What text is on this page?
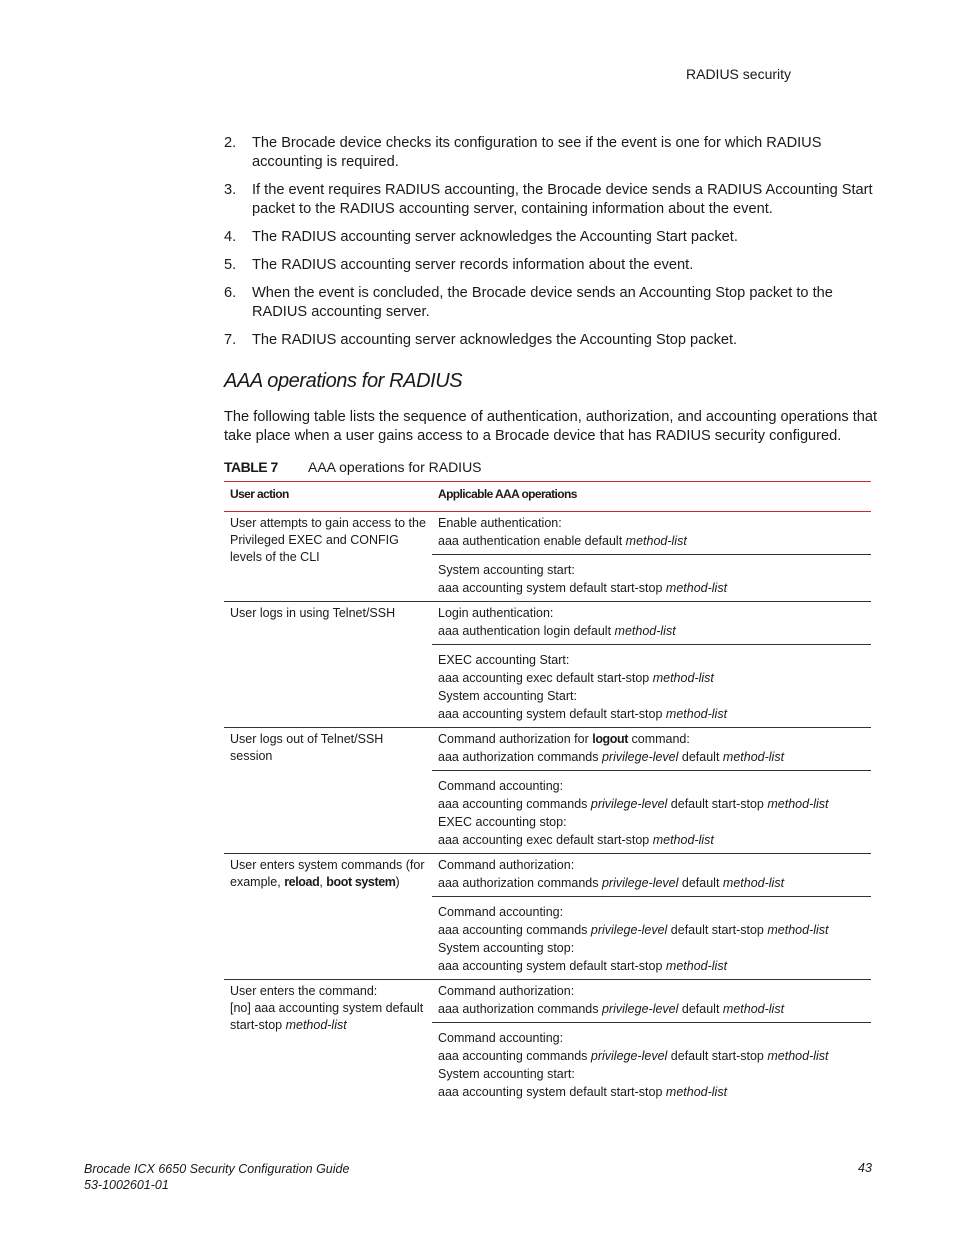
RADIUS security
2. The Brocade device checks its configuration to see if the event is one for which RADIUS accounting is required.
3. If the event requires RADIUS accounting, the Brocade device sends a RADIUS Accounting Start packet to the RADIUS accounting server, containing information about the event.
4. The RADIUS accounting server acknowledges the Accounting Start packet.
5. The RADIUS accounting server records information about the event.
6. When the event is concluded, the Brocade device sends an Accounting Stop packet to the RADIUS accounting server.
7. The RADIUS accounting server acknowledges the Accounting Stop packet.
AAA operations for RADIUS
The following table lists the sequence of authentication, authorization, and accounting operations that take place when a user gains access to a Brocade device that has RADIUS security configured.
TABLE 7 AAA operations for RADIUS
User action	Applicable AAA operations
User attempts to gain access to the Privileged EXEC and CONFIG levels of the CLI
Enable authentication:
aaa authentication enable default method-list
System accounting start:
aaa accounting system default start-stop method-list
User logs in using Telnet/SSH	Login authentication:
aaa authentication login default method-list
EXEC accounting Start:
aaa accounting exec default start-stop method-list
System accounting Start:
aaa accounting system default start-stop method-list
User logs out of Telnet/SSH session
Command authorization for logout command:
aaa authorization commands privilege-level default method-list
Command accounting:
aaa accounting commands privilege-level default start-stop method-list
EXEC accounting stop:
aaa accounting exec default start-stop method-list
User enters system commands (for example, reload, boot system)
Command authorization:
aaa authorization commands privilege-level default method-list
Command accounting:
aaa accounting commands privilege-level default start-stop method-list
System accounting stop:
aaa accounting system default start-stop method-list
User enters the command:
[no] aaa accounting system default start-stop method-list
Command authorization:
aaa authorization commands privilege-level default method-list
Command accounting:
aaa accounting commands privilege-level default start-stop method-list
System accounting start:
aaa accounting system default start-stop method-list
Brocade ICX 6650 Security Configuration Guide
53-1002601-01
43
